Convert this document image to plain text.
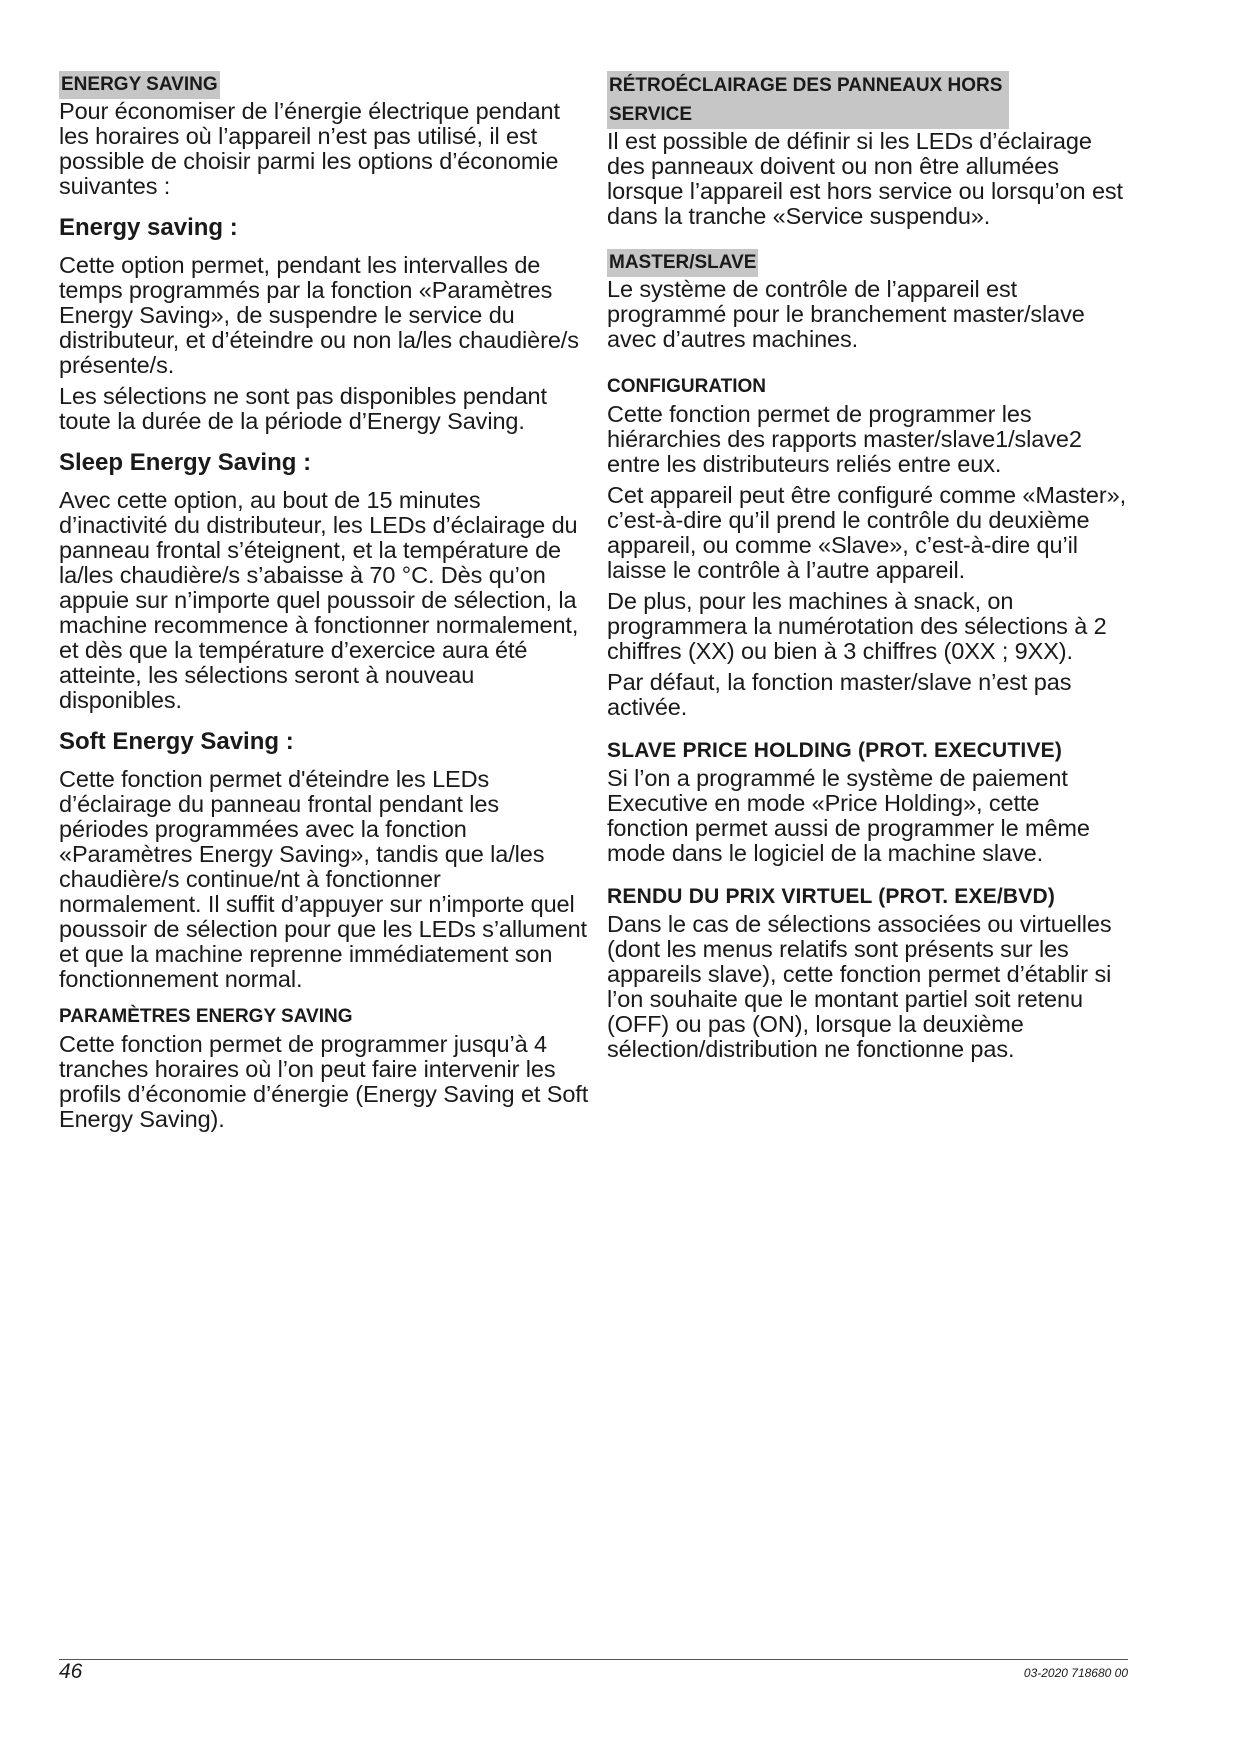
ENERGY SAVING

Pour économiser de l’énergie électrique pendant les horaires où l’appareil n’est pas utilisé, il est possible de choisir parmi les options d’économie suivantes :

Energy saving :

Cette option permet, pendant les intervalles de temps programmés par la fonction «Paramètres Energy Saving», de suspendre le service du distributeur, et d’éteindre ou non la/les chaudière/s présente/s.

Les sélections ne sont pas disponibles pendant toute la durée de la période d’Energy Saving.

Sleep Energy Saving :

Avec cette option, au bout de 15 minutes d’inactivité du distributeur, les LEDs d’éclairage du panneau frontal s’éteignent, et la température de la/les chaudière/s s’abaisse à 70 °C. Dès qu’on appuie sur n’importe quel poussoir de sélection, la machine recommence à fonctionner normalement, et dès que la température d’exercice aura été atteinte, les sélections seront à nouveau disponibles.

Soft Energy Saving :

Cette fonction permet d'éteindre les LEDs d’éclairage du panneau frontal pendant les périodes programmées avec la fonction «Paramètres Energy Saving», tandis que la/les chaudière/s continue/nt à fonctionner normalement. Il suffit d’appuyer sur n’importe quel poussoir de sélection pour que les LEDs s’allument et que la machine reprenne immédiatement son fonctionnement normal.

PARAMÈTRES ENERGY SAVING

Cette fonction permet de programmer jusqu’à 4 tranches horaires où l’on peut faire intervenir les profils d’économie d’énergie (Energy Saving et Soft Energy Saving).

RÉTROÉCLAIRAGE DES PANNEAUX HORS SERVICE

Il est possible de définir si les LEDs d’éclairage des panneaux doivent ou non être allumées lorsque l’appareil est hors service ou lorsqu’on est dans la tranche «Service suspendu».

MASTER/SLAVE

Le système de contrôle de l’appareil est programmé pour le branchement master/slave avec d’autres machines.

CONFIGURATION

Cette fonction permet de programmer les hiérarchies des rapports master/slave1/slave2 entre les distributeurs reliés entre eux.

Cet appareil peut être configuré comme «Master», c’est-à-dire qu’il prend le contrôle du deuxième appareil, ou comme «Slave», c’est-à-dire qu’il laisse le contrôle à l’autre appareil.

De plus, pour les machines à snack, on programmera la numérotation des sélections à 2 chiffres (XX) ou bien à 3 chiffres (0XX ; 9XX).

Par défaut, la fonction master/slave n’est pas activée.

SLAVE PRICE HOLDING (PROT. EXECUTIVE)

Si l’on a programmé le système de paiement Executive en mode «Price Holding», cette fonction permet aussi de programmer le même mode dans le logiciel de la machine slave.

RENDU DU PRIX VIRTUEL (PROT. EXE/BVD)

Dans le cas de sélections associées ou virtuelles (dont les menus relatifs sont présents sur les appareils slave), cette fonction permet d’établir si l’on souhaite que le montant partiel soit retenu (OFF) ou pas (ON), lorsque la deuxième sélection/distribution ne fonctionne pas.

46	03-2020 718680 00
